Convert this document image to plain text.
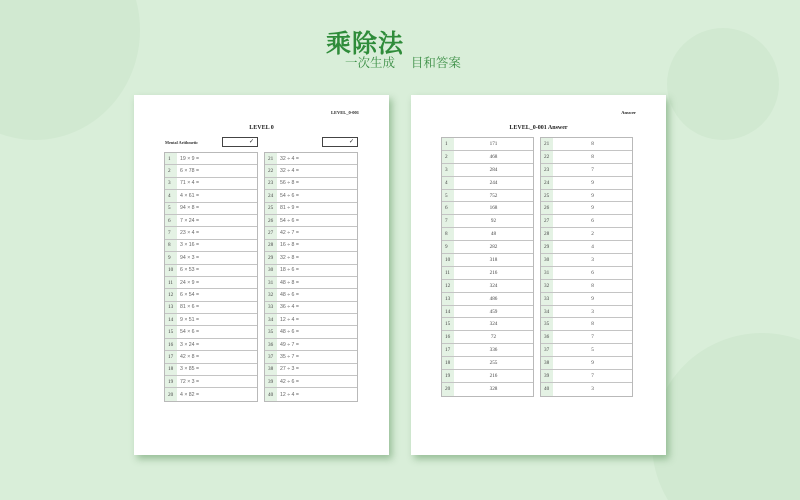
乘除法
一次生成    目和答案
LEVEL_0-001
LEVEL 0
Mental Arithmetic	✓	✓
1	19 × 9 =
2	6 × 78 =
3	71 × 4 =
4	4 × 61 =
5	94 × 8 =
6	7 × 24 =
7	23 × 4 =
8	3 × 16 =
9	94 × 3 =
10	6 × 53 =
11	24 × 9 =
12	6 × 54 =
13	81 × 6 =
14	9 × 51 =
15	54 × 6 =
16	3 × 24 =
17	42 × 8 =
18	3 × 85 =
19	72 × 3 =
20	4 × 82 =
21	32 ÷ 4 =
22	32 ÷ 4 =
23	56 ÷ 8 =
24	54 ÷ 6 =
25	81 ÷ 9 =
26	54 ÷ 6 =
27	42 ÷ 7 =
28	16 ÷ 8 =
29	32 ÷ 8 =
30	18 ÷ 6 =
31	48 ÷ 8 =
32	48 ÷ 6 =
33	36 ÷ 4 =
34	12 ÷ 4 =
35	48 ÷ 6 =
36	49 ÷ 7 =
37	35 ÷ 7 =
38	27 ÷ 3 =
39	42 ÷ 6 =
40	12 ÷ 4 =
Answer
LEVEL_0-001 Answer
1	171
2	468
3	284
4	244
5	752
6	168
7	92
8	48
9	282
10	318
11	216
12	324
13	486
14	459
15	324
16	72
17	336
18	255
19	216
20	328
21	8
22	8
23	7
24	9
25	9
26	9
27	6
28	2
29	4
30	3
31	6
32	8
33	9
34	3
35	8
36	7
37	5
38	9
39	7
40	3
